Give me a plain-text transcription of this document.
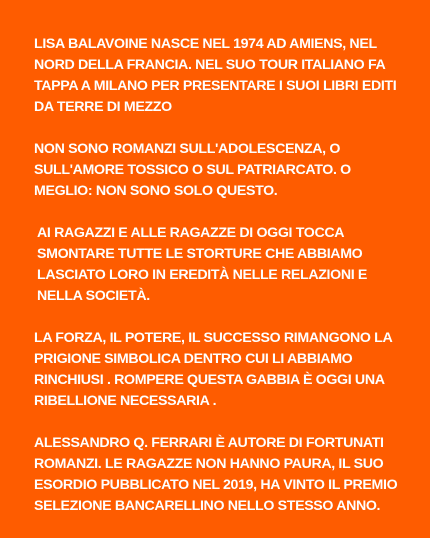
LISA BALAVOINE NASCE NEL 1974 AD AMIENS, NEL NORD DELLA FRANCIA. NEL SUO TOUR ITALIANO FA TAPPA A MILANO PER PRESENTARE I SUOI LIBRI EDITI DA TERRE DI MEZZO

NON SONO ROMANZI SULL'ADOLESCENZA, O SULL'AMORE TOSSICO O SUL PATRIARCATO. O MEGLIO: NON SONO SOLO QUESTO.

AI RAGAZZI E ALLE RAGAZZE DI OGGI TOCCA SMONTARE TUTTE LE STORTURE CHE ABBIAMO LASCIATO LORO IN EREDITÀ NELLE RELAZIONI E NELLA SOCIETÀ.

LA FORZA, IL POTERE, IL SUCCESSO RIMANGONO LA PRIGIONE SIMBOLICA DENTRO CUI LI ABBIAMO RINCHIUSI . ROMPERE QUESTA GABBIA È OGGI UNA RIBELLIONE NECESSARIA .

ALESSANDRO Q. FERRARI È AUTORE DI FORTUNATI ROMANZI. LE RAGAZZE NON HANNO PAURA, IL SUO ESORDIO PUBBLICATO NEL 2019, HA VINTO IL PREMIO SELEZIONE BANCARELLINO NELLO STESSO ANNO.
